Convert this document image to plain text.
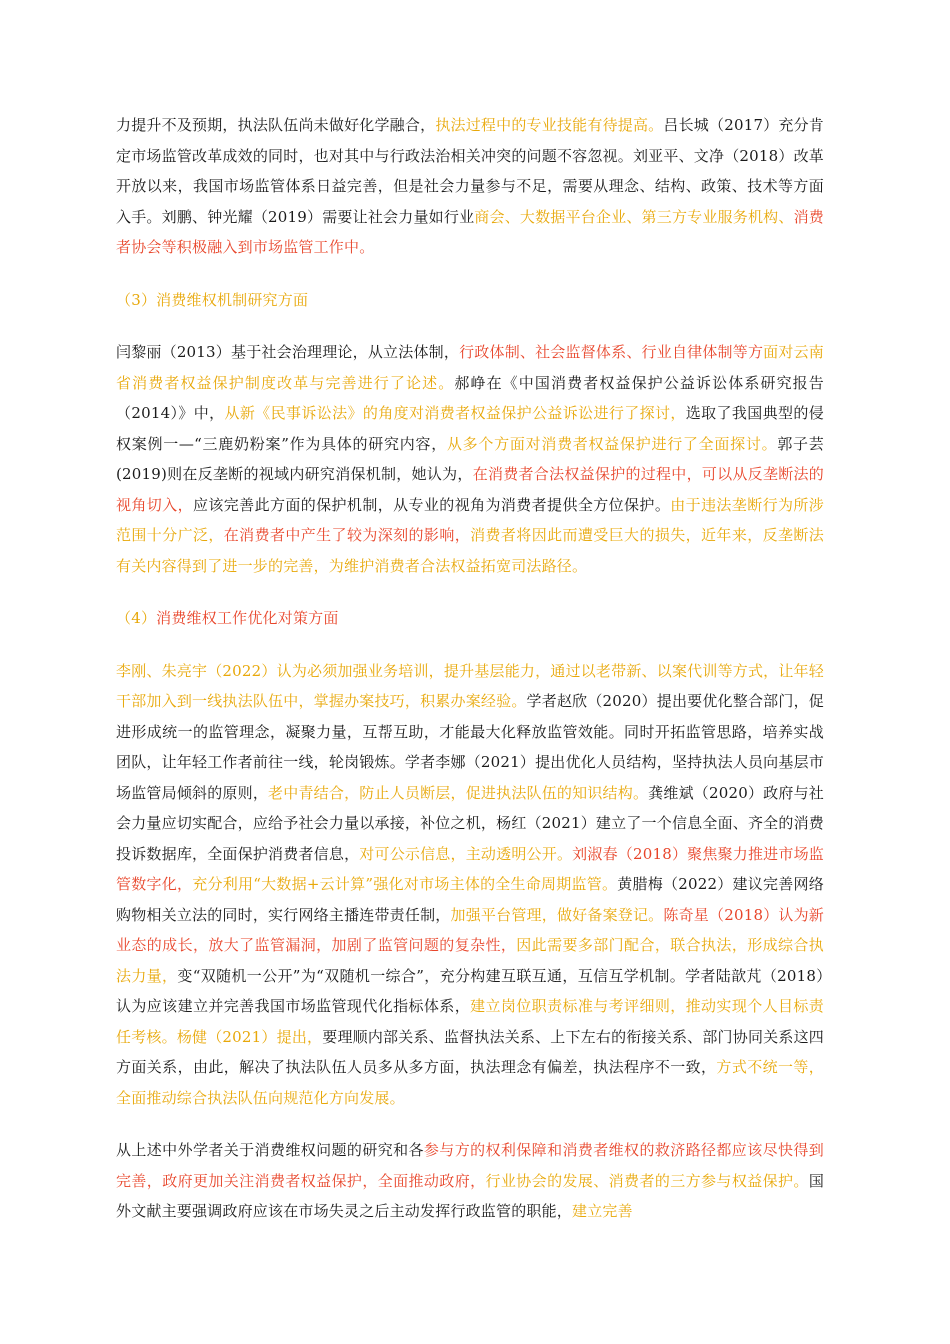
力提升不及预期，执法队伍尚未做好化学融合，执法过程中的专业技能有待提高。吕长城（2017）充分肯定市场监管改革成效的同时，也对其中与行政法治相关冲突的问题不容忽视。刘亚平、文净（2018）改革开放以来，我国市场监管体系日益完善，但是社会力量参与不足，需要从理念、结构、政策、技术等方面入手。刘鹏、钟光耀（2019）需要让社会力量如行业商会、大数据平台企业、第三方专业服务机构、消费者协会等积极融入到市场监管工作中。

（3）消费维权机制研究方面

闫黎丽（2013）基于社会治理理论，从立法体制，行政体制、社会监督体系、行业自律体制等方面对云南省消费者权益保护制度改革与完善进行了论述。郝峥在《中国消费者权益保护公益诉讼体系研究报告（2014）》中，从新《民事诉讼法》的角度对消费者权益保护公益诉讼进行了探讨，选取了我国典型的侵权案例一—“三鹿奶粉案”作为具体的研究内容，从多个方面对消费者权益保护进行了全面探讨。郭子芸(2019)则在反垄断的视域内研究消保机制，她认为，在消费者合法权益保护的过程中，可以从反垄断法的视角切入，应该完善此方面的保护机制，从专业的视角为消费者提供全方位保护。由于违法垄断行为所涉范围十分广泛，在消费者中产生了较为深刻的影响，消费者将因此而遭受巨大的损失，近年来，反垄断法有关内容得到了进一步的完善，为维护消费者合法权益拓宽司法路径。

（4）消费维权工作优化对策方面

李刚、朱亮宇（2022）认为必须加强业务培训，提升基层能力，通过以老带新、以案代训等方式，让年轻干部加入到一线执法队伍中，掌握办案技巧，积累办案经验。学者赵欣（2020）提出要优化整合部门，促进形成统一的监管理念，凝聚力量，互帮互助，才能最大化释放监管效能。同时开拓监管思路，培养实战团队，让年轻工作者前往一线，轮岗锻炼。学者李娜（2021）提出优化人员结构，坚持执法人员向基层市场监管局倾斜的原则，老中青结合，防止人员断层，促进执法队伍的知识结构。龚维斌（2020）政府与社会力量应切实配合，应给予社会力量以承接，补位之机，杨红（2021）建立了一个信息全面、齐全的消费投诉数据库，全面保护消费者信息，对可公示信息，主动透明公开。刘淑春（2018）聚焦聚力推进市场监管数字化，充分利用“大数据+云计算”强化对市场主体的全生命周期监管。黄腊梅（2022）建议完善网络购物相关立法的同时，实行网络主播连带责任制，加强平台管理，做好备案登记。陈奇星（2018）认为新业态的成长，放大了监管漏洞，加剧了监管问题的复杂性，因此需要多部门配合，联合执法，形成综合执法力量，变“双随机一公开”为“双随机一综合”，充分构建互联互通，互信互学机制。学者陆歆芃（2018）认为应该建立并完善我国市场监管现代化指标体系，建立岗位职责标准与考评细则，推动实现个人目标责任考核。杨健（2021）提出，要理顺内部关系、监督执法关系、上下左右的衔接关系、部门协同关系这四方面关系，由此，解决了执法队伍人员多从多方面，执法理念有偏差，执法程序不一致，方式不统一等，全面推动综合执法队伍向规范化方向发展。

从上述中外学者关于消费维权问题的研究和各参与方的权利保障和消费者维权的救济路径都应该尽快得到完善，政府更加关注消费者权益保护，全面推动政府，行业协会的发展、消费者的三方参与权益保护。国外文献主要强调政府应该在市场失灵之后主动发挥行政监管的职能，建立完善
